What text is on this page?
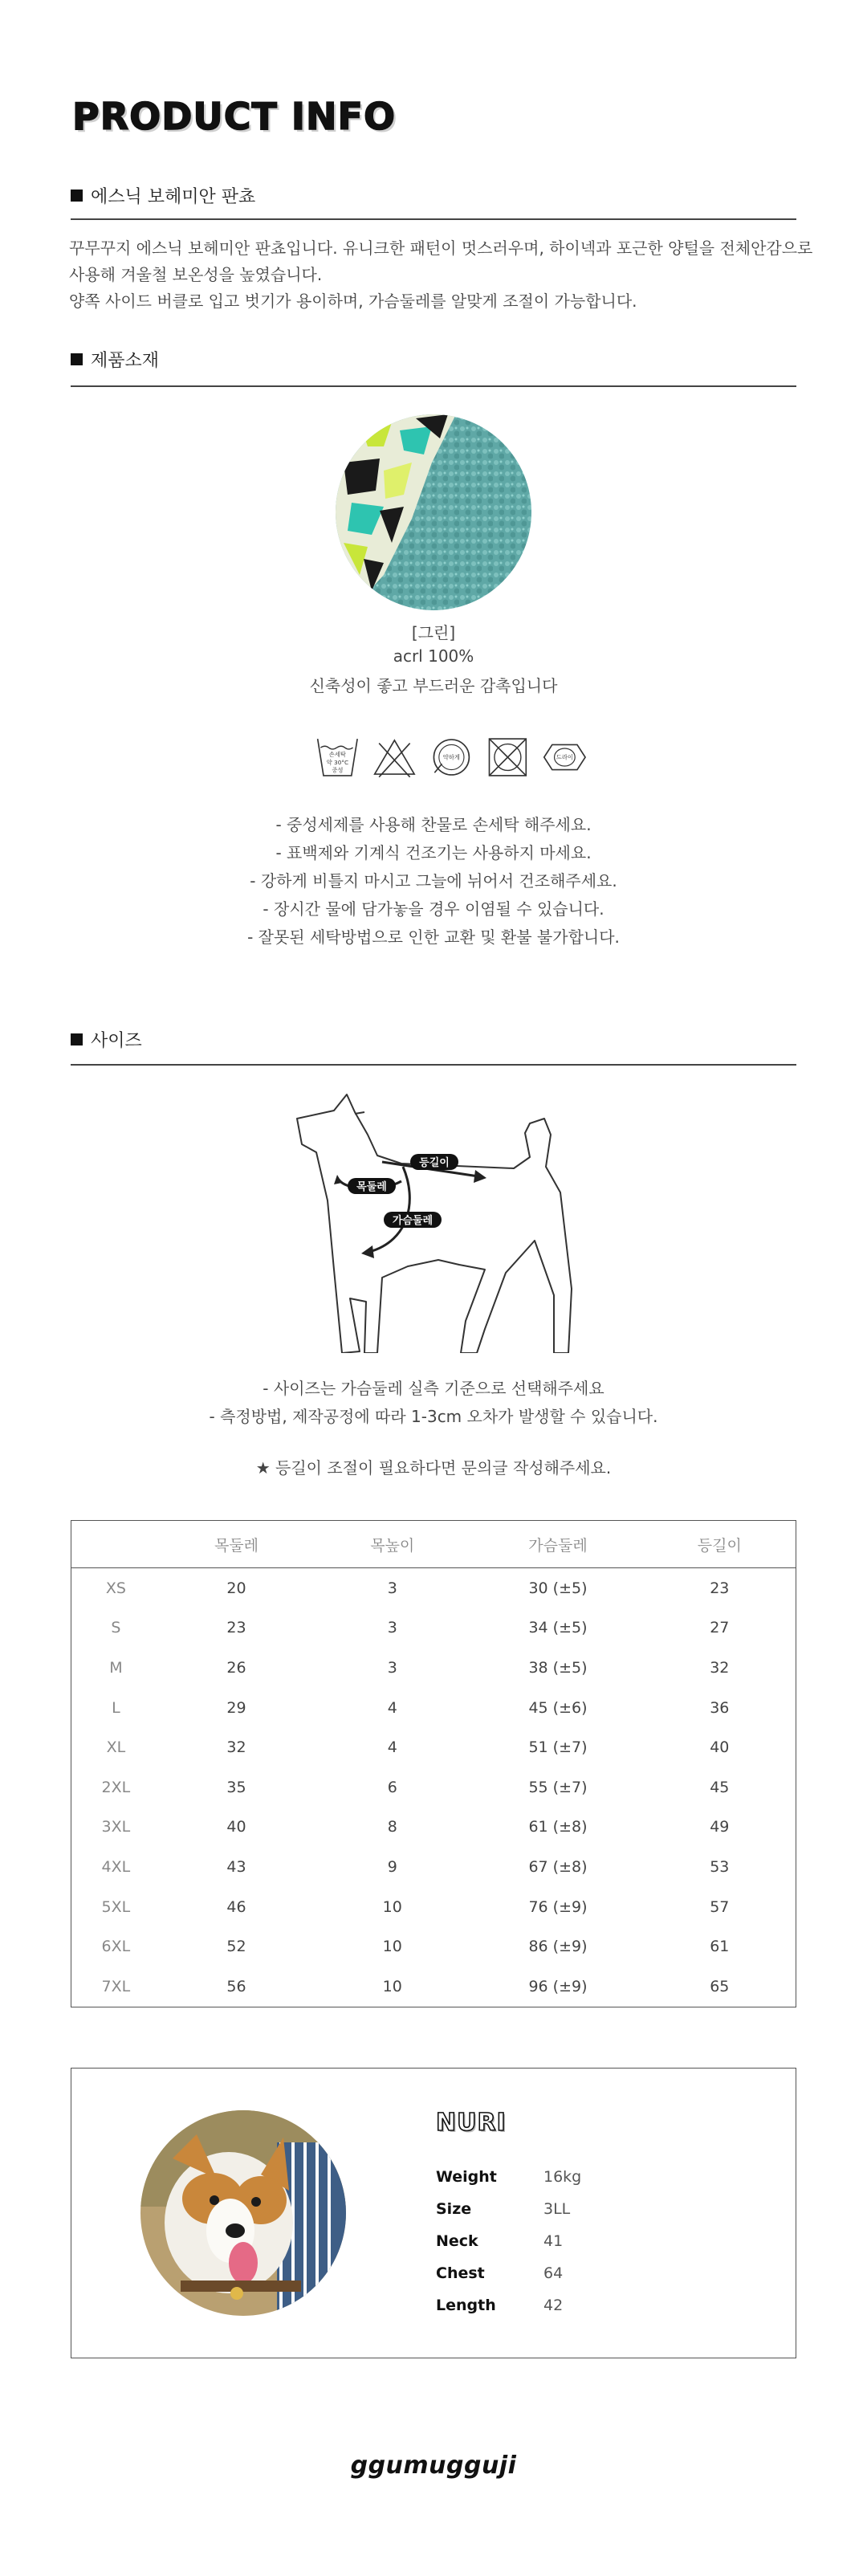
PRODUCT INFO
에스닉 보헤미안 판쵸
꾸무꾸지 에스닉 보헤미안 판쵸입니다. 유니크한 패턴이 멋스러우며, 하이넥과 포근한 양털을 전체안감으로
사용해 겨울철 보온성을 높였습니다.
양쪽 사이드 버클로 입고 벗기가 용이하며, 가슴둘레를 알맞게 조절이 가능합니다.
제품소재
[그린]
acrl 100%
신축성이 좋고 부드러운 감촉입니다
손세탁
약 30°C
중성
약하게	드라이
- 중성세제를 사용해 찬물로 손세탁 해주세요.
- 표백제와 기계식 건조기는 사용하지 마세요.
- 강하게 비틀지 마시고 그늘에 뉘어서 건조해주세요.
- 장시간 물에 담가놓을 경우 이염될 수 있습니다.
- 잘못된 세탁방법으로 인한 교환 및 환불 불가합니다.
사이즈
목둘레
등길이
가슴둘레
- 사이즈는 가슴둘레 실측 기준으로 선택해주세요
- 측정방법, 제작공정에 따라 1-3cm 오차가 발생할 수 있습니다.
★ 등길이 조절이 필요하다면 문의글 작성해주세요.
	목둘레	목높이	가슴둘레	등길이
XS	20	3	30 (±5)	23
S	23	3	34 (±5)	27
M	26	3	38 (±5)	32
L	29	4	45 (±6)	36
XL	32	4	51 (±7)	40
2XL	35	6	55 (±7)	45
3XL	40	8	61 (±8)	49
4XL	43	9	67 (±8)	53
5XL	46	10	76 (±9)	57
6XL	52	10	86 (±9)	61
7XL	56	10	96 (±9)	65
NURI
Weight	16kg
Size	3LL
Neck	41
Chest	64
Length	42
ggumugguji
